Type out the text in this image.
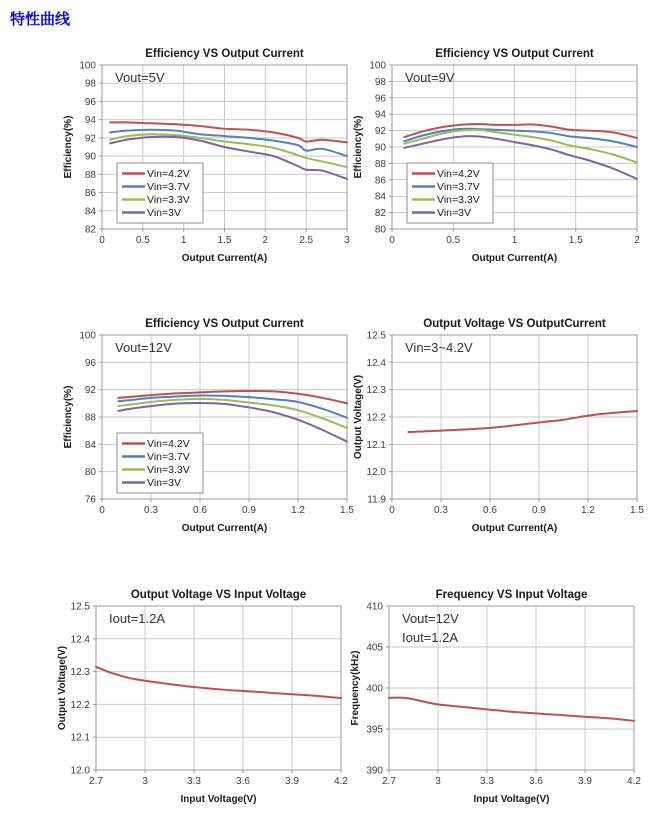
特性曲线
82
84
86
88
90
92
94
96
98
100
0	0.5	1	1.5	2	2.5	3
Efficiency VS Output Current
Output Current(A)
Efficiency(%)
Vout=5V
Vin=4.2V
Vin=3.7V
Vin=3.3V
Vin=3V
80
82
84
86
88
90
92
94
96
98
100
0	0.5	1	1.5	2
Efficiency VS Output Current
Output Current(A)
Efficiency(%)
Vout=9V
Vin=4.2V
Vin=3.7V
Vin=3.3V
Vin=3V
76
80
84
88
92
96
100
0	0.3	0.6	0.9	1.2	1.5
Efficiency VS Output Current
Output Current(A)
Efficiency(%)
Vout=12V
Vin=4.2V
Vin=3.7V
Vin=3.3V
Vin=3V
11.9
12.0
12.1
12.2
12.3
12.4
12.5
0	0.3	0.6	0.9	1.2	1.5
Output Voltage VS OutputCurrent
Output Current(A)
Output Voltage(V)
Vin=3~4.2V
12.0
12.1
12.2
12.3
12.4
12.5
2.7	3	3.3	3.6	3.9	4.2
Output Voltage VS Input Voltage
Input Voltage(V)
Output Voltage(V)
Iout=1.2A
390
395
400
405
410
2.7	3	3.3	3.6	3.9	4.2
Frequency VS Input Voltage
Input Voltage(V)
Frequency(kHz)
Vout=12V
Iout=1.2A
